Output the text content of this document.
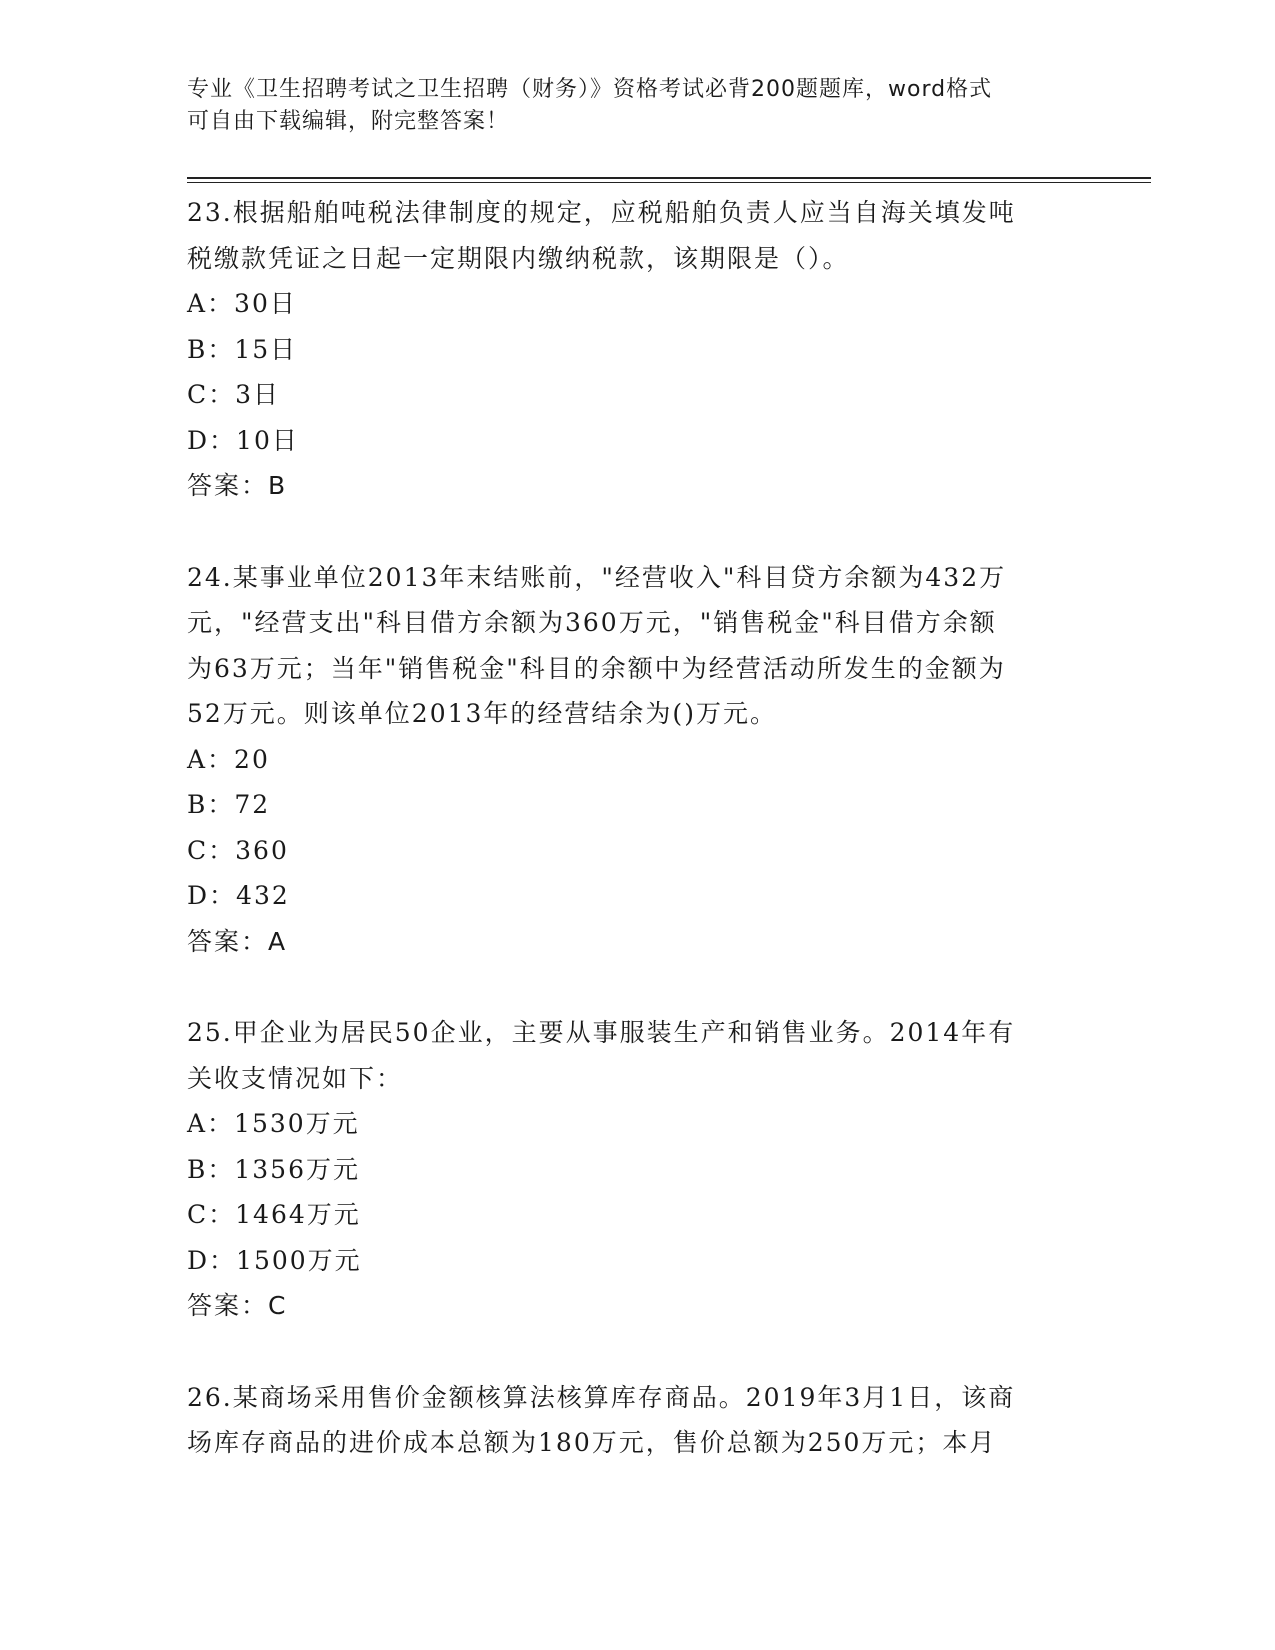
专业《卫生招聘考试之卫生招聘（财务）》资格考试必背200题题库，word格式
可自由下载编辑，附完整答案！

23.根据船舶吨税法律制度的规定，应税船舶负责人应当自海关填发吨

税缴款凭证之日起一定期限内缴纳税款，该期限是（）。

A：30日

B：15日

C：3日

D：10日

答案：B

24.某事业单位2013年末结账前，"经营收入"科目贷方余额为432万

元，"经营支出"科目借方余额为360万元，"销售税金"科目借方余额

为63万元；当年"销售税金"科目的余额中为经营活动所发生的金额为

52万元。则该单位2013年的经营结余为()万元。

A：20

B：72

C：360

D：432

答案：A

25.甲企业为居民50企业，主要从事服装生产和销售业务。2014年有

关收支情况如下：

A：1530万元

B：1356万元

C：1464万元

D：1500万元

答案：C

26.某商场采用售价金额核算法核算库存商品。2019年3月1日，该商

场库存商品的进价成本总额为180万元，售价总额为250万元；本月
